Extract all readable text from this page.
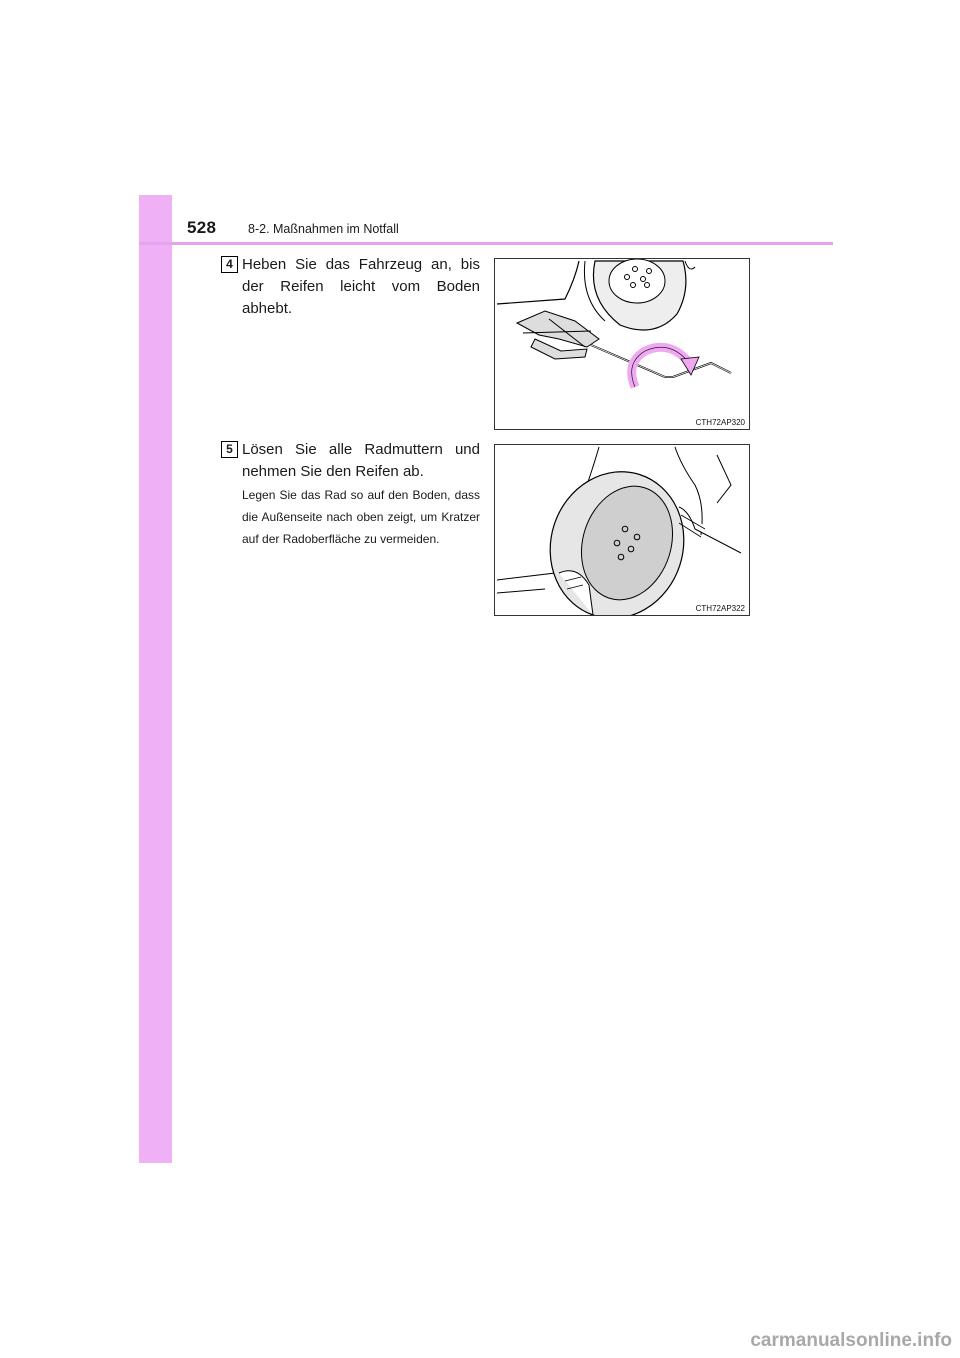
528	8-2. Maßnahmen im Notfall
4 Heben Sie das Fahrzeug an, bis der Reifen leicht vom Boden abhebt.
CTH72AP320
5 Lösen Sie alle Radmuttern und nehmen Sie den Reifen ab.
Legen Sie das Rad so auf den Boden, dass die Außenseite nach oben zeigt, um Kratzer auf der Radoberfläche zu vermeiden.
CTH72AP322
carmanualsonline.info
